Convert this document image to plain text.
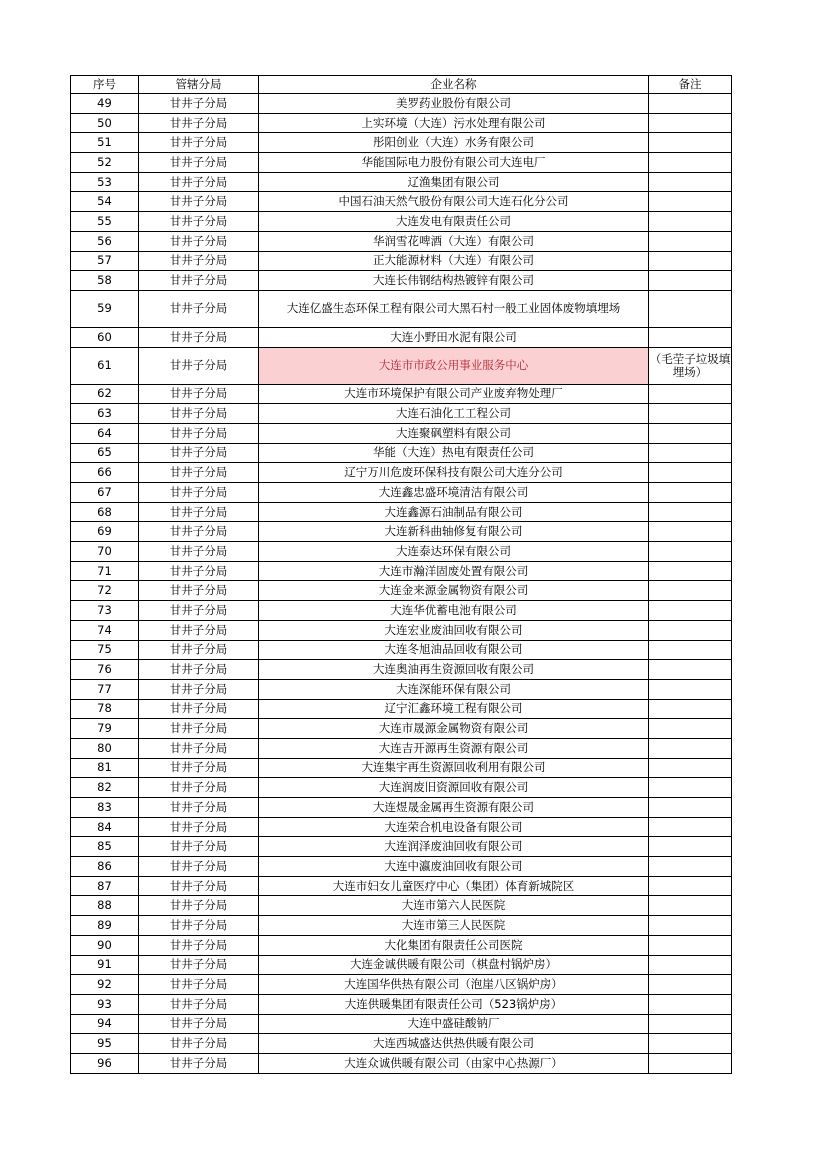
序号	管辖分局	企业名称	备注
49	甘井子分局	美罗药业股份有限公司	
50	甘井子分局	上实环境（大连）污水处理有限公司	
51	甘井子分局	彤阳创业（大连）水务有限公司	
52	甘井子分局	华能国际电力股份有限公司大连电厂	
53	甘井子分局	辽渔集团有限公司	
54	甘井子分局	中国石油天然气股份有限公司大连石化分公司	
55	甘井子分局	大连发电有限责任公司	
56	甘井子分局	华润雪花啤酒（大连）有限公司	
57	甘井子分局	正大能源材料（大连）有限公司	
58	甘井子分局	大连长伟钢结构热镀锌有限公司	
59	甘井子分局	大连亿盛生态环保工程有限公司大黑石村一般工业固体废物填埋场	
60	甘井子分局	大连小野田水泥有限公司	
61	甘井子分局	大连市市政公用事业服务中心	（毛茔子垃圾填埋场）
62	甘井子分局	大连市环境保护有限公司产业废弃物处理厂	
63	甘井子分局	大连石油化工工程公司	
64	甘井子分局	大连聚砜塑料有限公司	
65	甘井子分局	华能（大连）热电有限责任公司	
66	甘井子分局	辽宁万川危废环保科技有限公司大连分公司	
67	甘井子分局	大连鑫忠盛环境清洁有限公司	
68	甘井子分局	大连鑫源石油制品有限公司	
69	甘井子分局	大连新科曲轴修复有限公司	
70	甘井子分局	大连泰达环保有限公司	
71	甘井子分局	大连市瀚洋固废处置有限公司	
72	甘井子分局	大连金来源金属物资有限公司	
73	甘井子分局	大连华优蓄电池有限公司	
74	甘井子分局	大连宏业废油回收有限公司	
75	甘井子分局	大连冬旭油品回收有限公司	
76	甘井子分局	大连奥油再生资源回收有限公司	
77	甘井子分局	大连深能环保有限公司	
78	甘井子分局	辽宁汇鑫环境工程有限公司	
79	甘井子分局	大连市晟源金属物资有限公司	
80	甘井子分局	大连吉开源再生资源有限公司	
81	甘井子分局	大连集宇再生资源回收利用有限公司	
82	甘井子分局	大连润废旧资源回收有限公司	
83	甘井子分局	大连煜晟金属再生资源有限公司	
84	甘井子分局	大连荣合机电设备有限公司	
85	甘井子分局	大连润泽废油回收有限公司	
86	甘井子分局	大连中瀛废油回收有限公司	
87	甘井子分局	大连市妇女儿童医疗中心（集团）体育新城院区	
88	甘井子分局	大连市第六人民医院	
89	甘井子分局	大连市第三人民医院	
90	甘井子分局	大化集团有限责任公司医院	
91	甘井子分局	大连金诚供暖有限公司（棋盘村锅炉房）	
92	甘井子分局	大连国华供热有限公司（泡崖八区锅炉房）	
93	甘井子分局	大连供暖集团有限责任公司（523锅炉房）	
94	甘井子分局	大连中盛硅酸钠厂	
95	甘井子分局	大连西城盛达供热供暖有限公司	
96	甘井子分局	大连众诚供暖有限公司（由家中心热源厂）	
